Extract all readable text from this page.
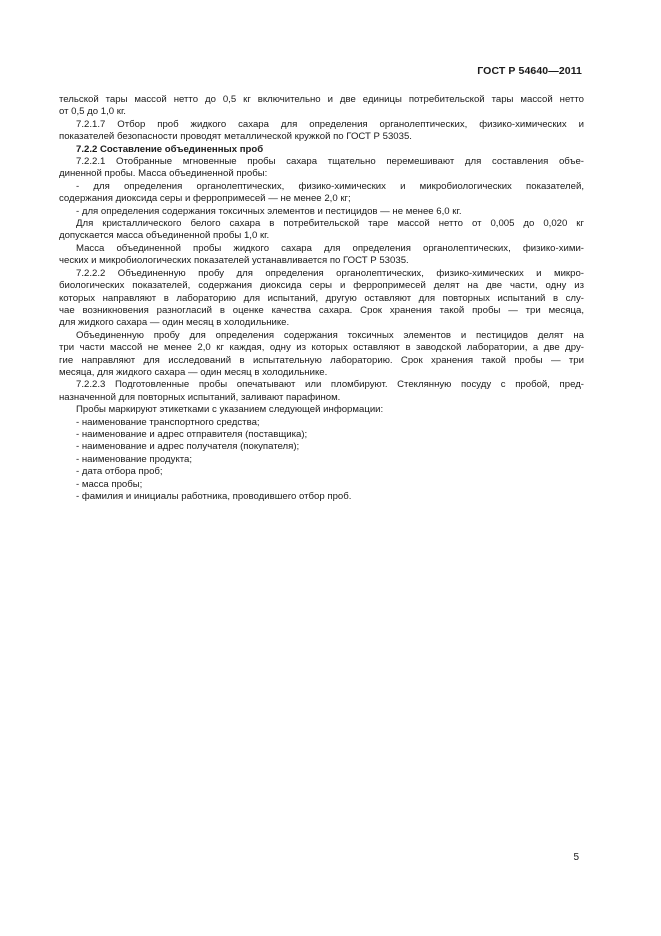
ГОСТ Р 54640—2011
тельской тары массой нетто до 0,5 кг включительно и две единицы потребительской тары массой нетто
от 0,5 до 1,0 кг.
7.2.1.7 Отбор проб жидкого сахара для определения органолептических, физико-химических и
показателей безопасности проводят металлической кружкой по ГОСТ Р 53035.
7.2.2 Составление объединенных проб
7.2.2.1 Отобранные мгновенные пробы сахара тщательно перемешивают для составления объе-
диненной пробы. Масса объединенной пробы:
- для определения органолептических, физико-химических и микробиологических показателей,
содержания диоксида серы и ферропримесей — не менее 2,0 кг;
- для определения содержания токсичных элементов и пестицидов — не менее 6,0 кг.
Для кристаллического белого сахара в потребительской таре массой нетто от 0,005 до 0,020 кг
допускается масса объединенной пробы 1,0 кг.
Масса объединенной пробы жидкого сахара для определения органолептических, физико-хими-
ческих и микробиологических показателей устанавливается по ГОСТ Р 53035.
7.2.2.2 Объединенную пробу для определения органолептических, физико-химических и микро-
биологических показателей, содержания диоксида серы и ферропримесей делят на две части, одну из
которых направляют в лабораторию для испытаний, другую оставляют для повторных испытаний в слу-
чае возникновения разногласий в оценке качества сахара. Срок хранения такой пробы — три месяца,
для жидкого сахара — один месяц в холодильнике.
Объединенную пробу для определения содержания токсичных элементов и пестицидов делят на
три части массой не менее 2,0 кг каждая, одну из которых оставляют в заводской лаборатории, а две дру-
гие направляют для исследований в испытательную лабораторию. Срок хранения такой пробы — три
месяца, для жидкого сахара — один месяц в холодильнике.
7.2.2.3 Подготовленные пробы опечатывают или пломбируют. Стеклянную посуду с пробой, пред-
назначенной для повторных испытаний, заливают парафином.
Пробы маркируют этикетками с указанием следующей информации:
- наименование транспортного средства;
- наименование и адрес отправителя (поставщика);
- наименование и адрес получателя (покупателя);
- наименование продукта;
- дата отбора проб;
- масса пробы;
- фамилия и инициалы работника, проводившего отбор проб.
5
